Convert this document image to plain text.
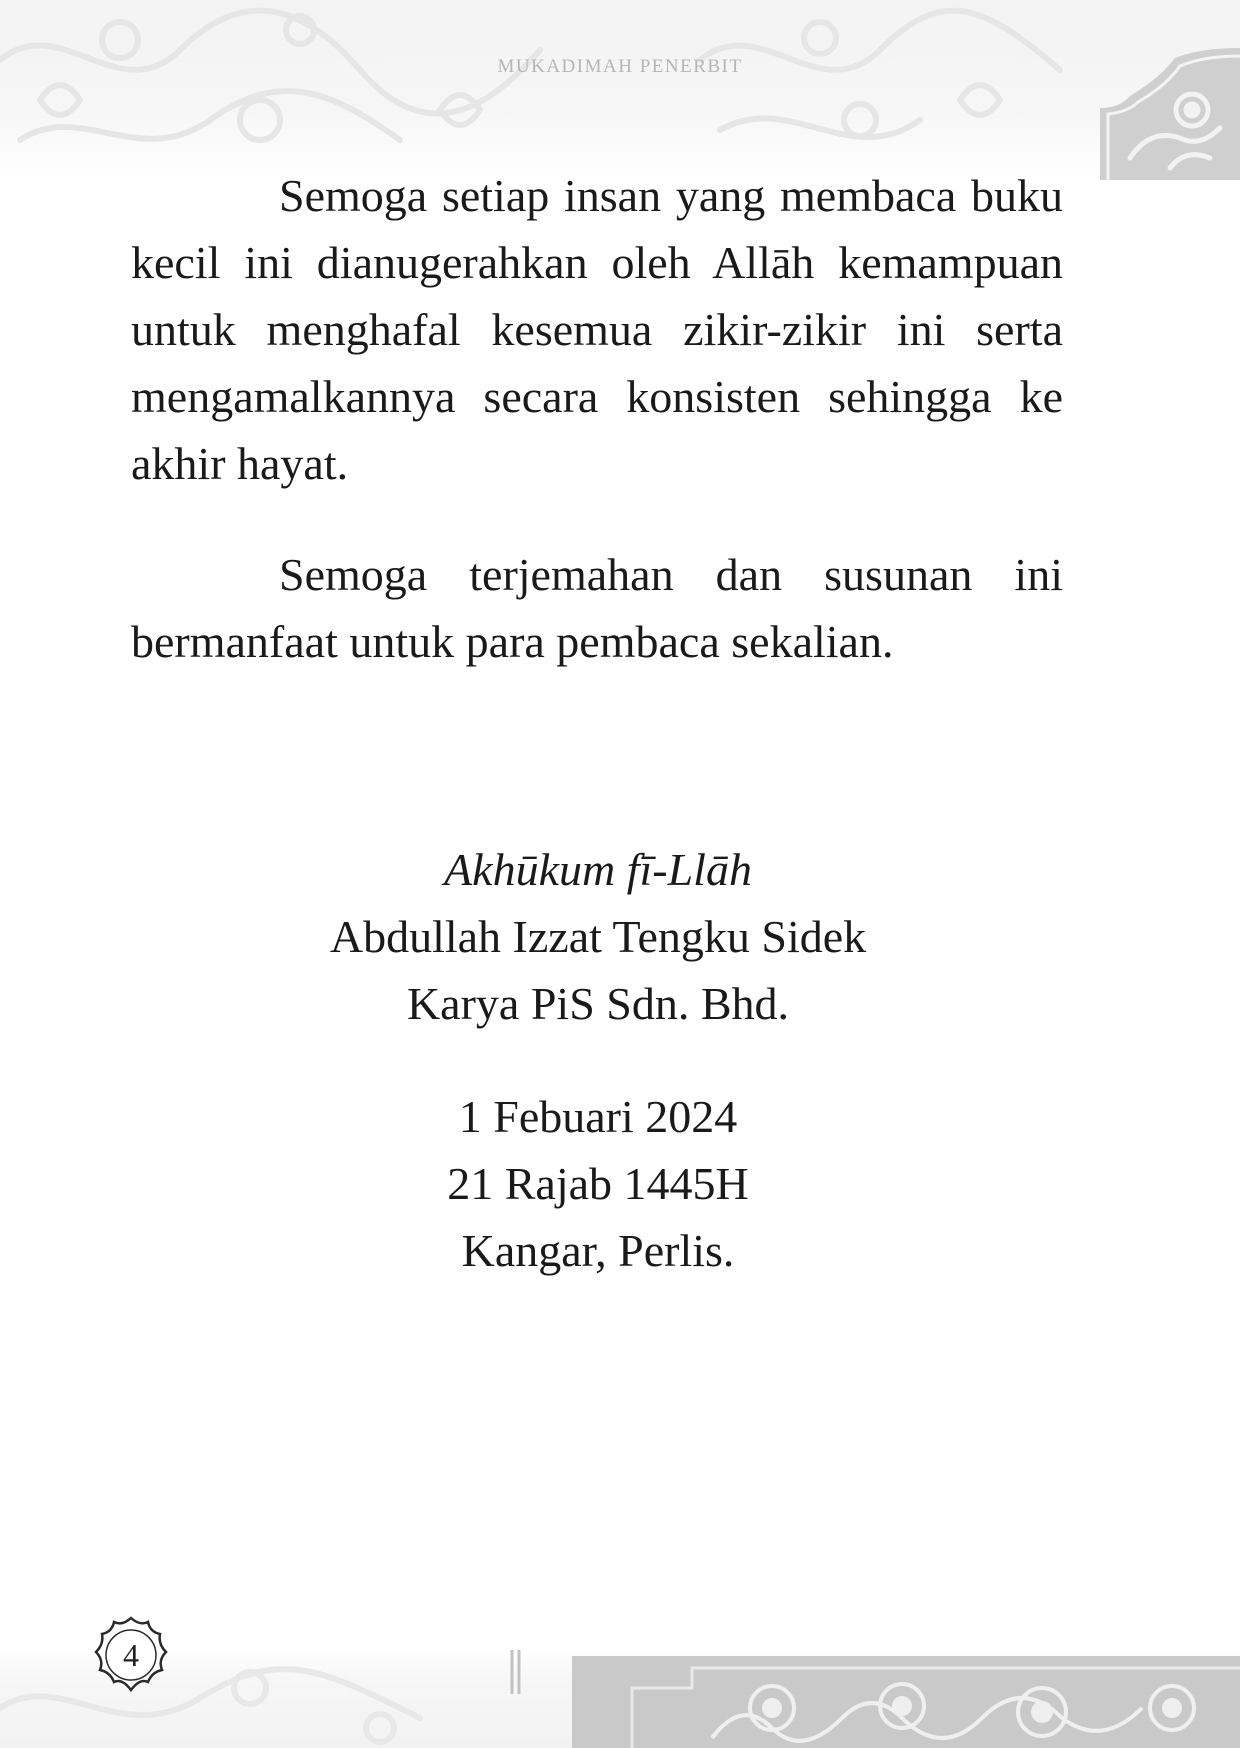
MUKADIMAH PENERBIT

Semoga setiap insan yang membaca buku kecil ini dianugerahkan oleh Allāh kemampuan untuk menghafal kesemua zikir-zikir ini serta mengamalkannya secara konsisten sehingga ke akhir hayat.

Semoga terjemahan dan susunan ini bermanfaat untuk para pembaca sekalian.

Akhūkum fī-Llāh
Abdullah Izzat Tengku Sidek
Karya PiS Sdn. Bhd.
1 Febuari 2024
21 Rajab 1445H
Kangar, Perlis.
4
